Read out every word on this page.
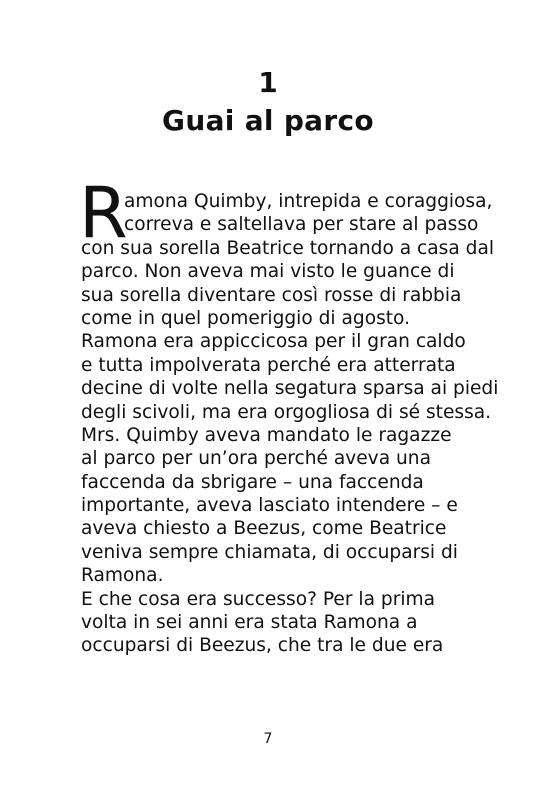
1
Guai al parco
R
amona Quimby, intrepida e coraggiosa,
correva e saltellava per stare al passo
con sua sorella Beatrice tornando a casa dal
parco. Non aveva mai visto le guance di
sua sorella diventare così rosse di rabbia
come in quel pomeriggio di agosto.
Ramona era appiccicosa per il gran caldo
e tutta impolverata perché era atterrata
decine di volte nella segatura sparsa ai piedi
degli scivoli, ma era orgogliosa di sé stessa.
Mrs. Quimby aveva mandato le ragazze
al parco per un’ora perché aveva una
faccenda da sbrigare – una faccenda
importante, aveva lasciato intendere – e
aveva chiesto a Beezus, come Beatrice
veniva sempre chiamata, di occuparsi di
Ramona.
E che cosa era successo? Per la prima
volta in sei anni era stata Ramona a
occuparsi di Beezus, che tra le due era
7
